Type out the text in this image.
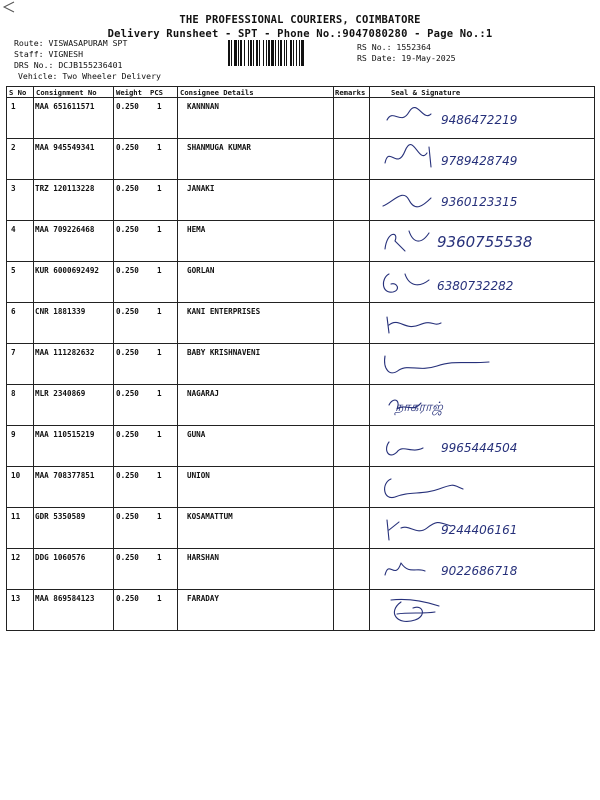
THE PROFESSIONAL COURIERS, COIMBATORE
Delivery Runsheet - SPT - Phone No.:9047080280 - Page No.:1
Route: VISWASAPURAM SPT
Staff: VIGNESH
DRS No.: DCJB155236401
Vehicle: Two Wheeler Delivery
RS No.: 1552364
RS Date: 19-May-2025
S No Consignment No	Weight PCS Consignee Details	Remarks	Seal & Signature
1	MAA 651611571	0.250 1	KANNNAN
9486472219
2	MAA 945549341	0.250 1	SHANMUGA KUMAR
9789428749
3	TRZ 120113228	0.250 1	JANAKI
9360123315
4	MAA 709226468	0.250 1	HEMA
9360755538
5	KUR 6000692492 0.250 1	GORLAN
6380732282
6	CNR 1881339	0.250 1	KANI ENTERPRISES
7	MAA 111282632	0.250 1	BABY KRISHNAVENI
8	MLR 2340869	0.250 1	NAGARAJ
நாகராஜ்
9	MAA 110515219	0.250 1	GUNA
9965444504
10 MAA 708377851	0.250 1	UNION
11 GDR 5350589	0.250 1	KOSAMATTUM
9244406161
12 DDG 1060576	0.250 1	HARSHAN
9022686718
13 MAA 869584123	0.250 1	FARADAY
